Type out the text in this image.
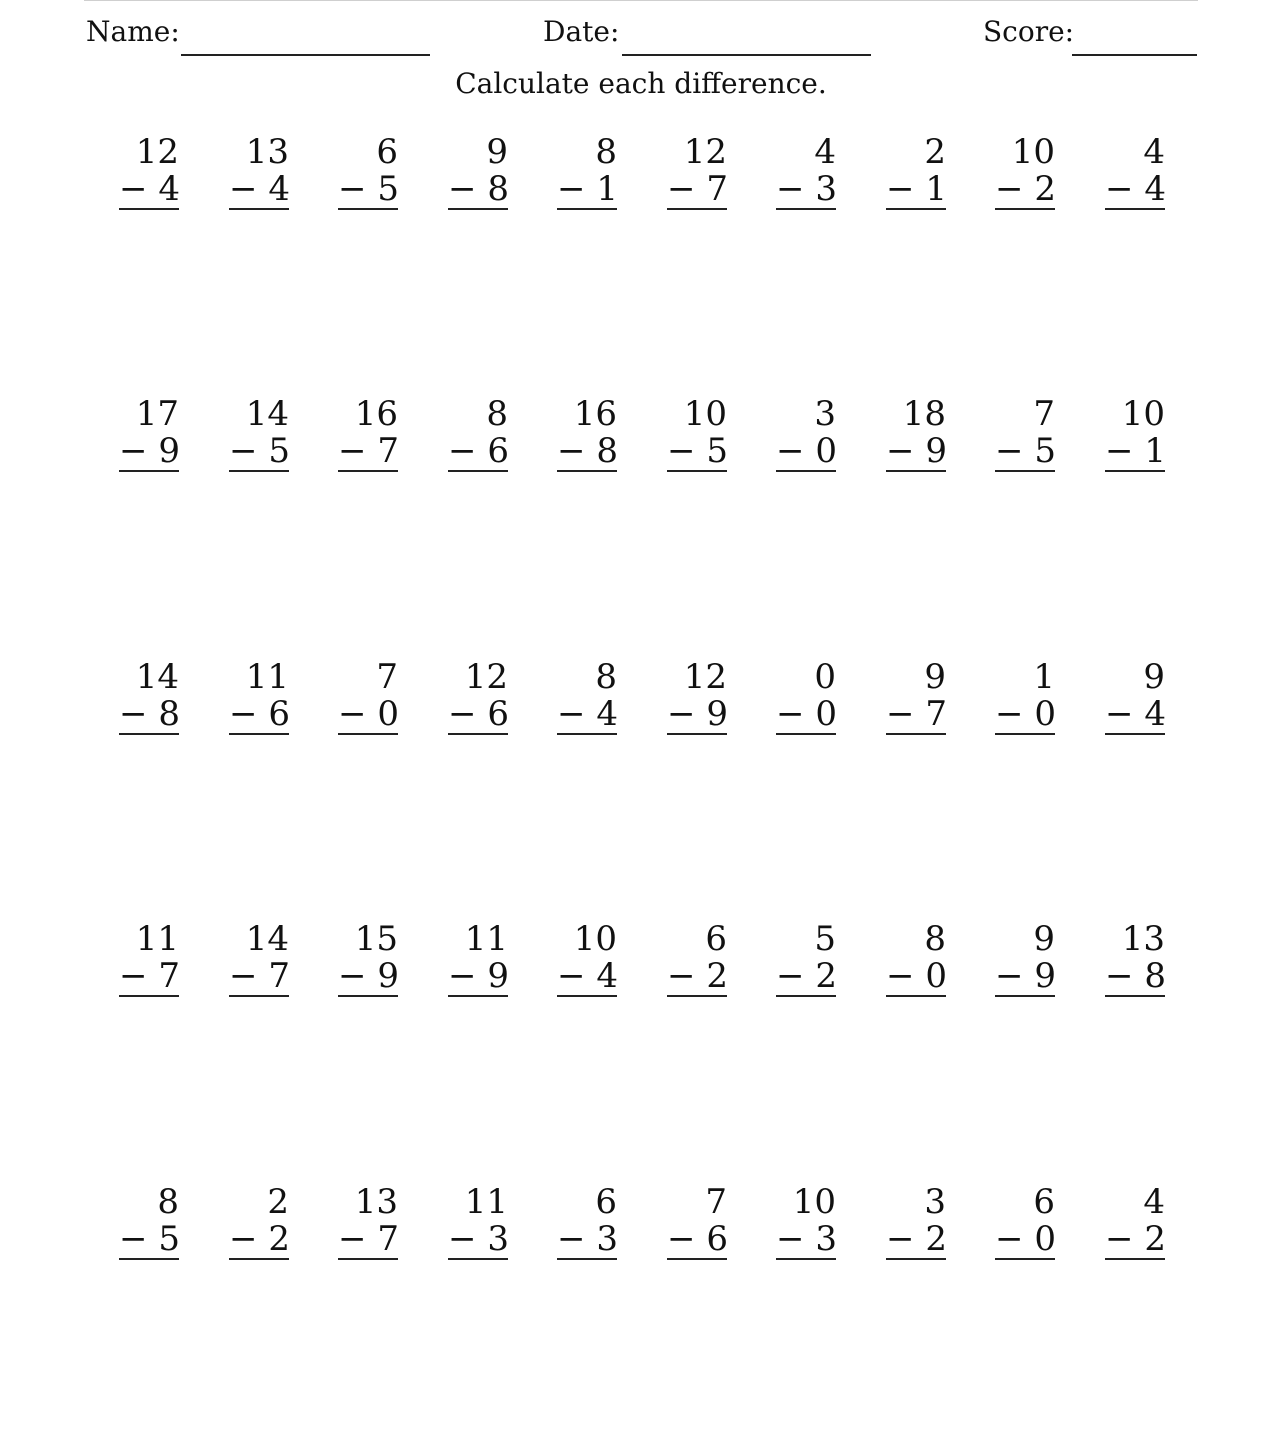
Name:	Date:	Score:
Calculate each difference.
12
− 4
13
− 4
6
− 5
9
− 8
8
− 1
12
− 7
4
− 3
2
− 1
10
− 2
4
− 4
17
− 9
14
− 5
16
− 7
8
− 6
16
− 8
10
− 5
3
− 0
18
− 9
7
− 5
10
− 1
14
− 8
11
− 6
7
− 0
12
− 6
8
− 4
12
− 9
0
− 0
9
− 7
1
− 0
9
− 4
11
− 7
14
− 7
15
− 9
11
− 9
10
− 4
6
− 2
5
− 2
8
− 0
9
− 9
13
− 8
8
− 5
2
− 2
13
− 7
11
− 3
6
− 3
7
− 6
10
− 3
3
− 2
6
− 0
4
− 2
